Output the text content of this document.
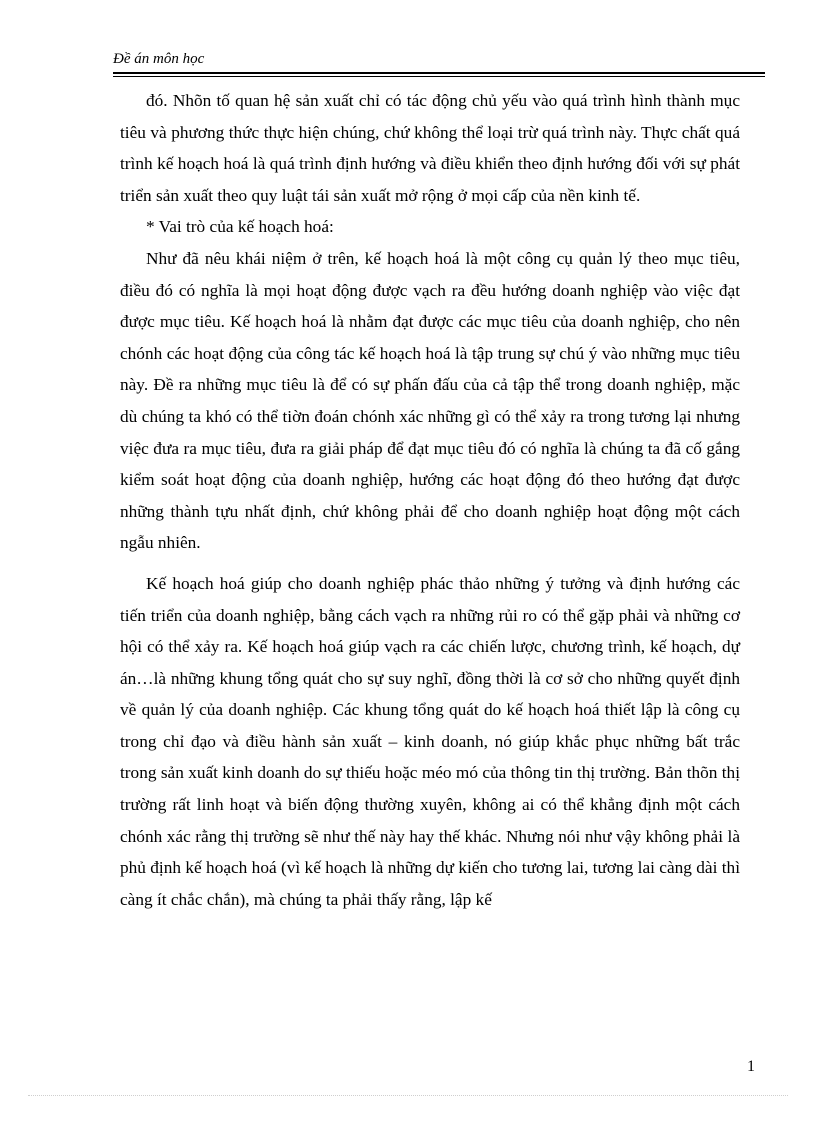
Đề án môn học

đó. Nhõn tố quan hệ sản xuất chỉ có tác động chủ yếu vào quá trình hình thành mục tiêu và phương thức thực hiện chúng, chứ không thể loại trừ quá trình này. Thực chất quá trình kế hoạch hoá là quá trình định hướng và điều khiển theo định hướng đối với sự phát triển sản xuất theo quy luật tái sản xuất mở rộng ở mọi cấp của nền kinh tế.

* Vai trò của kế hoạch hoá:

Như đã nêu khái niệm ở trên, kế hoạch hoá là một công cụ quản lý theo mục tiêu, điều đó có nghĩa là mọi hoạt động được vạch ra đều hướng doanh nghiệp vào việc đạt được mục tiêu. Kế hoạch hoá là nhằm đạt được các mục tiêu của doanh nghiệp, cho nên chónh các hoạt động của công tác kế hoạch hoá là tập trung sự chú ý vào những mục tiêu này. Đề ra những mục tiêu là để có sự phấn đấu của cả tập thể trong doanh nghiệp, mặc dù chúng ta khó có thể tiờn đoán chónh xác những gì có thể xảy ra trong tương lại nhưng việc đưa ra mục tiêu, đưa ra giải pháp để đạt mục tiêu đó có nghĩa là chúng ta đã cố gắng kiểm soát hoạt động của doanh nghiệp, hướng các hoạt động đó theo hướng đạt được những thành tựu nhất định, chứ không phải để cho doanh nghiệp hoạt động một cách ngẫu nhiên.

Kế hoạch hoá giúp cho doanh nghiệp phác thảo những ý tưởng và định hướng các tiến triển của doanh nghiệp, bằng cách vạch ra những rủi ro có thể gặp phải và những cơ hội có thể xảy ra. Kế hoạch hoá giúp vạch ra các chiến lược, chương trình, kế hoạch, dự án…là những khung tổng quát cho sự suy nghĩ, đồng thời là cơ sở cho những quyết định về quản lý của doanh nghiệp. Các khung tổng quát do kế hoạch hoá thiết lập là công cụ trong chỉ đạo và điều hành sản xuất – kinh doanh, nó giúp khắc phục những bất trắc trong sản xuất kinh doanh do sự thiếu hoặc méo mó của thông tin thị trường. Bản thõn thị trường rất linh hoạt và biến động thường xuyên, không ai có thể khẳng định một cách chónh xác rằng thị trường sẽ như thế này hay thế khác. Nhưng nói như vậy không phải là phủ định kế hoạch hoá (vì kế hoạch là những dự kiến cho tương lai, tương lai càng dài thì càng ít chắc chắn), mà chúng ta phải thấy rằng, lập kế

1
